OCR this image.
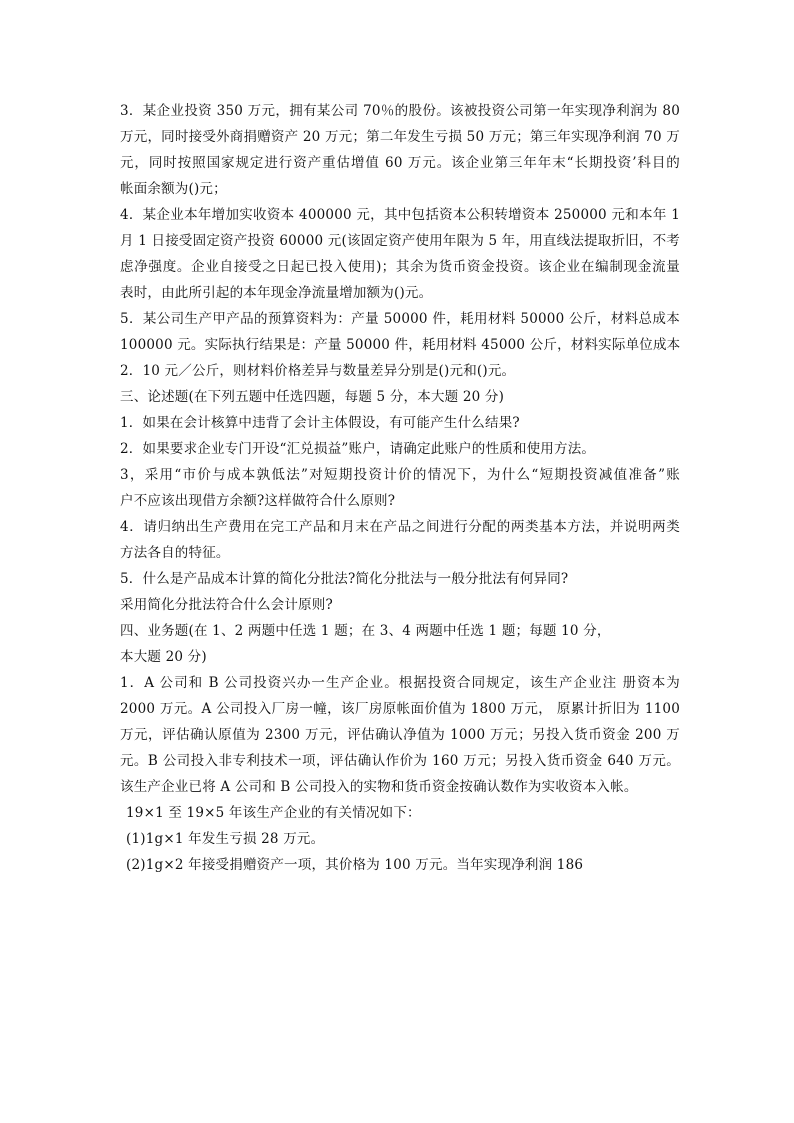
3．某企业投资 350 万元，拥有某公司 70％的股份。该被投资公司第一年实现净利润为 80
万元，同时接受外商捐赠资产 20 万元；第二年发生亏损 50 万元；第三年实现净利润 70 万
元，同时按照国家规定进行资产重估增值 60 万元。该企业第三年年末“长期投资’科目的
帐面余额为()元；
4．某企业本年增加实收资本 400000 元，其中包括资本公积转增资本 250000 元和本年 1
月 1 日接受固定资产投资 60000 元(该固定资产使用年限为 5 年，用直线法提取折旧，不考
虑净强度。企业自接受之日起已投入使用)；其余为货币资金投资。该企业在编制现金流量
表时，由此所引起的本年现金净流量增加额为()元。
5．某公司生产甲产品的预算资料为：产量 50000 件，耗用材料 50000 公斤，材料总成本
100000 元。实际执行结果是：产量 50000 件，耗用材料 45000 公斤，材料实际单位成本
2．10 元／公斤，则材料价格差异与数量差异分别是()元和()元。
三、论述题(在下列五题中任选四题，每题 5 分，本大题 20 分)
1．如果在会计核算中违背了会计主体假设，有可能产生什么结果?
2．如果要求企业专门开设“汇兑损益”账户，请确定此账户的性质和使用方法。
3，采用“市价与成本孰低法”对短期投资计价的情况下，为什么“短期投资减值准备”账
户不应该出现借方余额?这样做符合什么原则?
4．请归纳出生产费用在完工产品和月末在产品之间进行分配的两类基本方法，并说明两类
方法各自的特征。
5．什么是产品成本计算的简化分批法?简化分批法与一般分批法有何异同?
采用简化分批法符合什么会计原则?
四、业务题(在 1、2 两题中任选 1 题；在 3、4 两题中任选 1 题；每题 10 分，
本大题 20 分)
1．A 公司和 B 公司投资兴办一生产企业。根据投资合同规定，该生产企业注 册资本为
2000 万元。A 公司投入厂房一幢，该厂房原帐面价值为 1800 万元， 原累计折旧为 1100
万元，评估确认原值为 2300 万元，评估确认净值为 1000 万元；另投入货币资金 200 万
元。B 公司投入非专利技术一项，评估确认作价为 160 万元；另投入货币资金 640 万元。
该生产企业已将 A 公司和 B 公司投入的实物和货币资金按确认数作为实收资本入帐。
19×1 至 19×5 年该生产企业的有关情况如下：
(1)1g×1 年发生亏损 28 万元。
(2)1g×2 年接受捐赠资产一项，其价格为 100 万元。当年实现净利润 186
